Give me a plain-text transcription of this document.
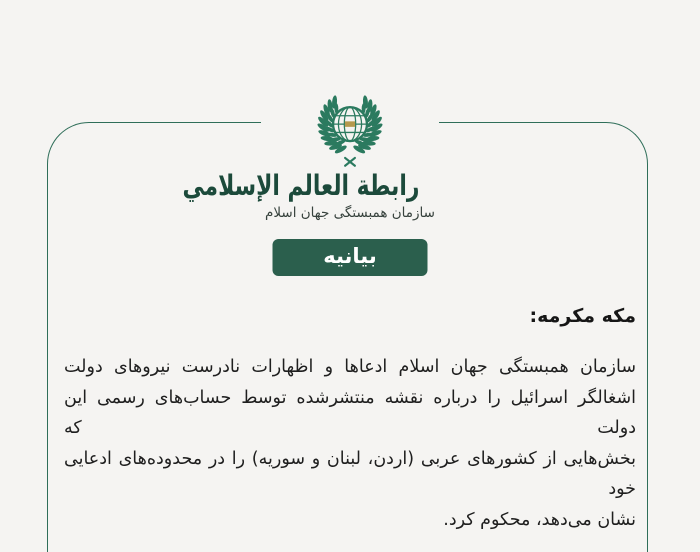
رابطة العالم الإسلامي
سازمان همبستگی جهان اسلام
بیانیه
مکه مکرمه:
سازمان همبستگی جهان اسلام ادعاها و اظهارات نادرست نیروهای دولت
اشغالگر اسرائیل را درباره نقشه منتشرشده توسط حساب‌های رسمی این دولت که
بخش‌هایی از کشورهای عربی (اردن، لبنان و سوریه) را در محدوده‌های ادعایی خود
نشان می‌دهد، محکوم کرد.
